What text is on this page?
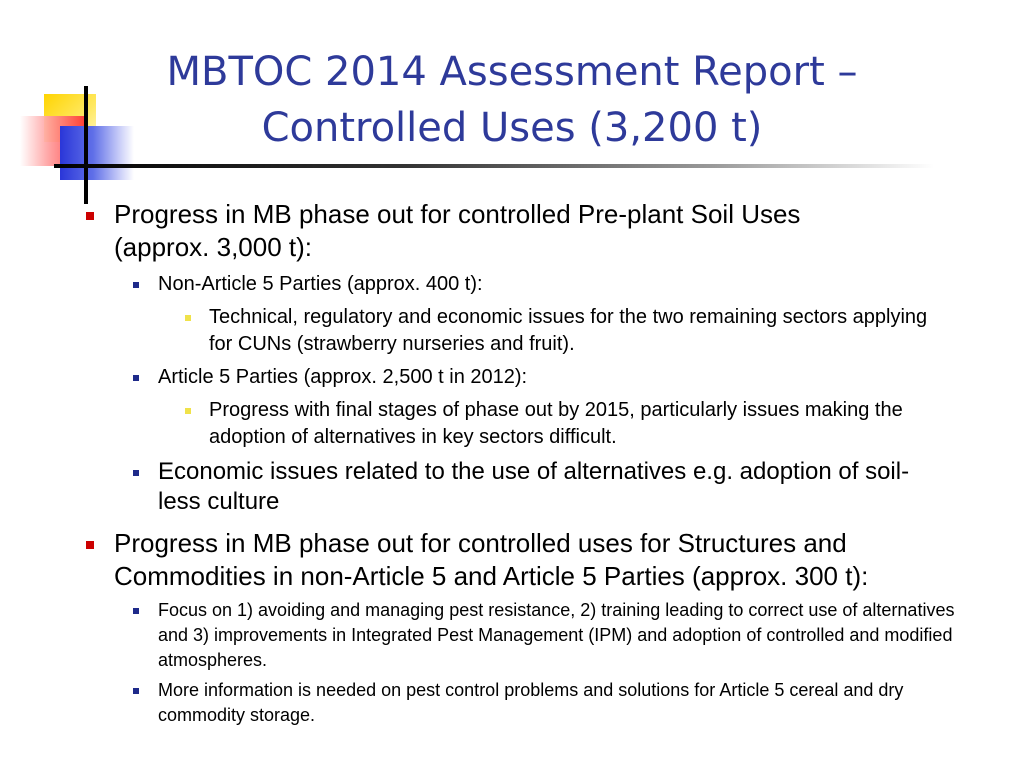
MBTOC 2014 Assessment Report –
Controlled Uses (3,200 t)
Progress in MB phase out for controlled Pre-plant Soil Uses (approx. 3,000 t):
Non-Article 5 Parties (approx. 400 t):
Technical, regulatory and economic issues for the two remaining sectors applying for CUNs (strawberry nurseries and fruit).
Article 5 Parties (approx. 2,500 t in 2012):
Progress with final stages of phase out by 2015, particularly issues making the adoption of alternatives in key sectors difficult.
Economic issues related to the use of alternatives e.g. adoption of soil-less culture
Progress in MB phase out for controlled uses for Structures and Commodities in non-Article 5 and Article 5 Parties (approx. 300 t):
Focus on 1) avoiding and managing pest resistance, 2) training leading to correct use of alternatives and 3) improvements in Integrated Pest Management (IPM) and adoption of controlled and modified atmospheres.
More information is needed on pest control problems and solutions for Article 5 cereal and dry commodity storage.
